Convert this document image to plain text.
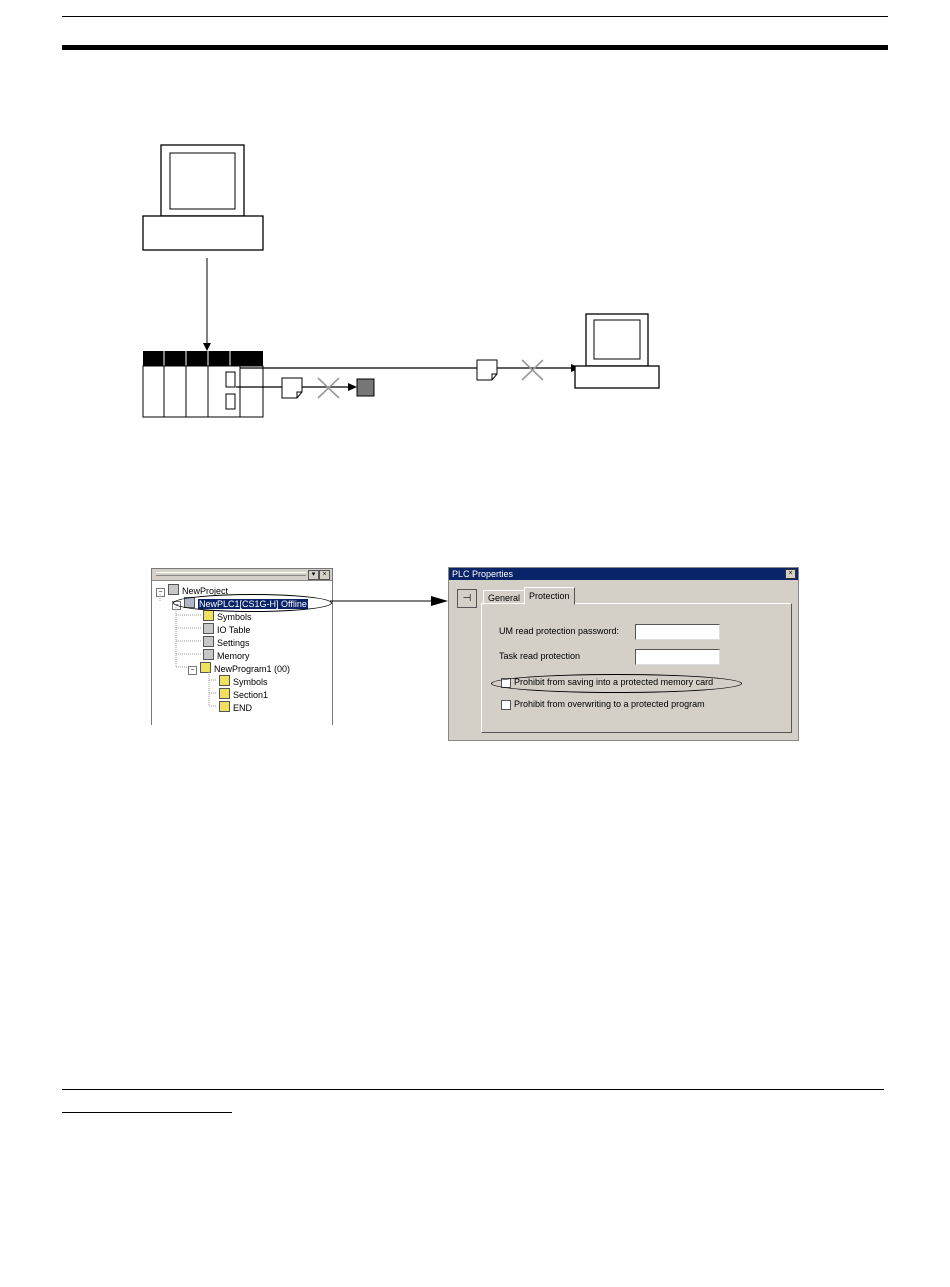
▾	×
− NewProject
− NewPLC1[CS1G-H] Offline
Symbols
IO Table
Settings
Memory
− NewProgram1 (00)
Symbols
Section1
END
PLC Properties	×
⊣	General Protection
UM read protection password:
Task read protection
Prohibit from saving into a protected memory card
Prohibit from overwriting to a protected program
